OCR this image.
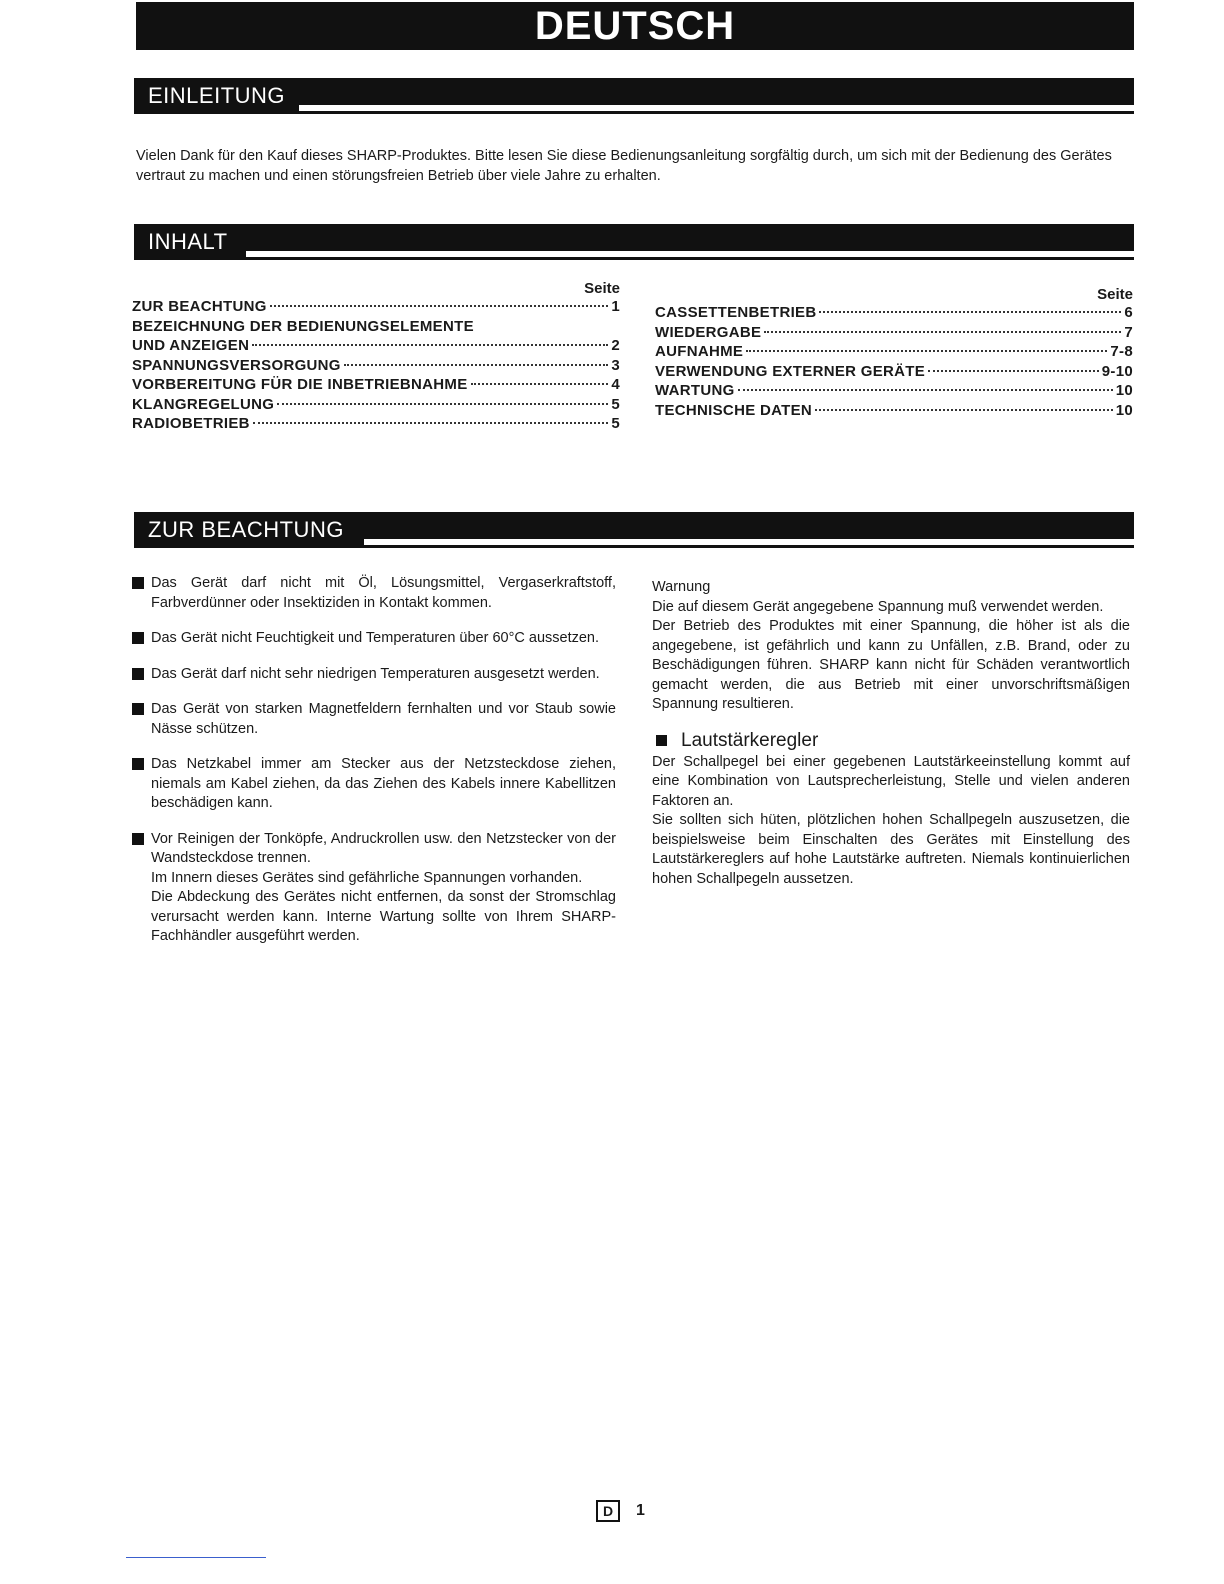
DEUTSCH
EINLEITUNG
Vielen Dank für den Kauf dieses SHARP-Produktes. Bitte lesen Sie diese Bedienungsanleitung sorgfältig durch, um sich mit der Bedienung des Gerätes vertraut zu machen und einen störungsfreien Betrieb über viele Jahre zu erhalten.
INHALT
Seite
ZUR BEACHTUNG	1
BEZEICHNUNG DER BEDIENUNGSELEMENTE
UND ANZEIGEN	2
SPANNUNGSVERSORGUNG	3
VORBEREITUNG FÜR DIE INBETRIEBNAHME	4
KLANGREGELUNG	5
RADIOBETRIEB	5
Seite
CASSETTENBETRIEB	6
WIEDERGABE	7
AUFNAHME	7-8
VERWENDUNG EXTERNER GERÄTE	9-10
WARTUNG	10
TECHNISCHE DATEN	10
ZUR BEACHTUNG

Das Gerät darf nicht mit Öl, Lösungsmittel, Vergaserkraftstoff, Farbverdünner oder Insektiziden in Kontakt kommen.

Das Gerät nicht Feuchtigkeit und Temperaturen über 60°C aussetzen.

Das Gerät darf nicht sehr niedrigen Temperaturen ausgesetzt werden.

Das Gerät von starken Magnetfeldern fernhalten und vor Staub sowie Nässe schützen.

Das Netzkabel immer am Stecker aus der Netzsteckdose ziehen, niemals am Kabel ziehen, da das Ziehen des Kabels innere Kabellitzen beschädigen kann.

Vor Reinigen der Tonköpfe, Andruckrollen usw. den Netzstecker von der Wandsteckdose trennen.

Im Innern dieses Gerätes sind gefährliche Spannungen vorhanden.

Die Abdeckung des Gerätes nicht entfernen, da sonst der Stromschlag verursacht werden kann. Interne Wartung sollte von Ihrem SHARP-Fachhändler ausgeführt werden.

Warnung

Die auf diesem Gerät angegebene Spannung muß verwendet werden.

Der Betrieb des Produktes mit einer Spannung, die höher ist als die angegebene, ist gefährlich und kann zu Unfällen, z.B. Brand, oder zu Beschädigungen führen. SHARP kann nicht für Schäden verantwortlich gemacht werden, die aus Betrieb mit einer unvorschriftsmäßigen Spannung resultieren.

Lautstärkeregler

Der Schallpegel bei einer gegebenen Lautstärkeeinstellung kommt auf eine Kombination von Lautsprecherleistung, Stelle und vielen anderen Faktoren an.

Sie sollten sich hüten, plötzlichen hohen Schallpegeln auszusetzen, die beispielsweise beim Einschalten des Gerätes mit Einstellung des Lautstärkereglers auf hohe Lautstärke auftreten. Niemals kontinuierlichen hohen Schallpegeln aussetzen.

D	1
